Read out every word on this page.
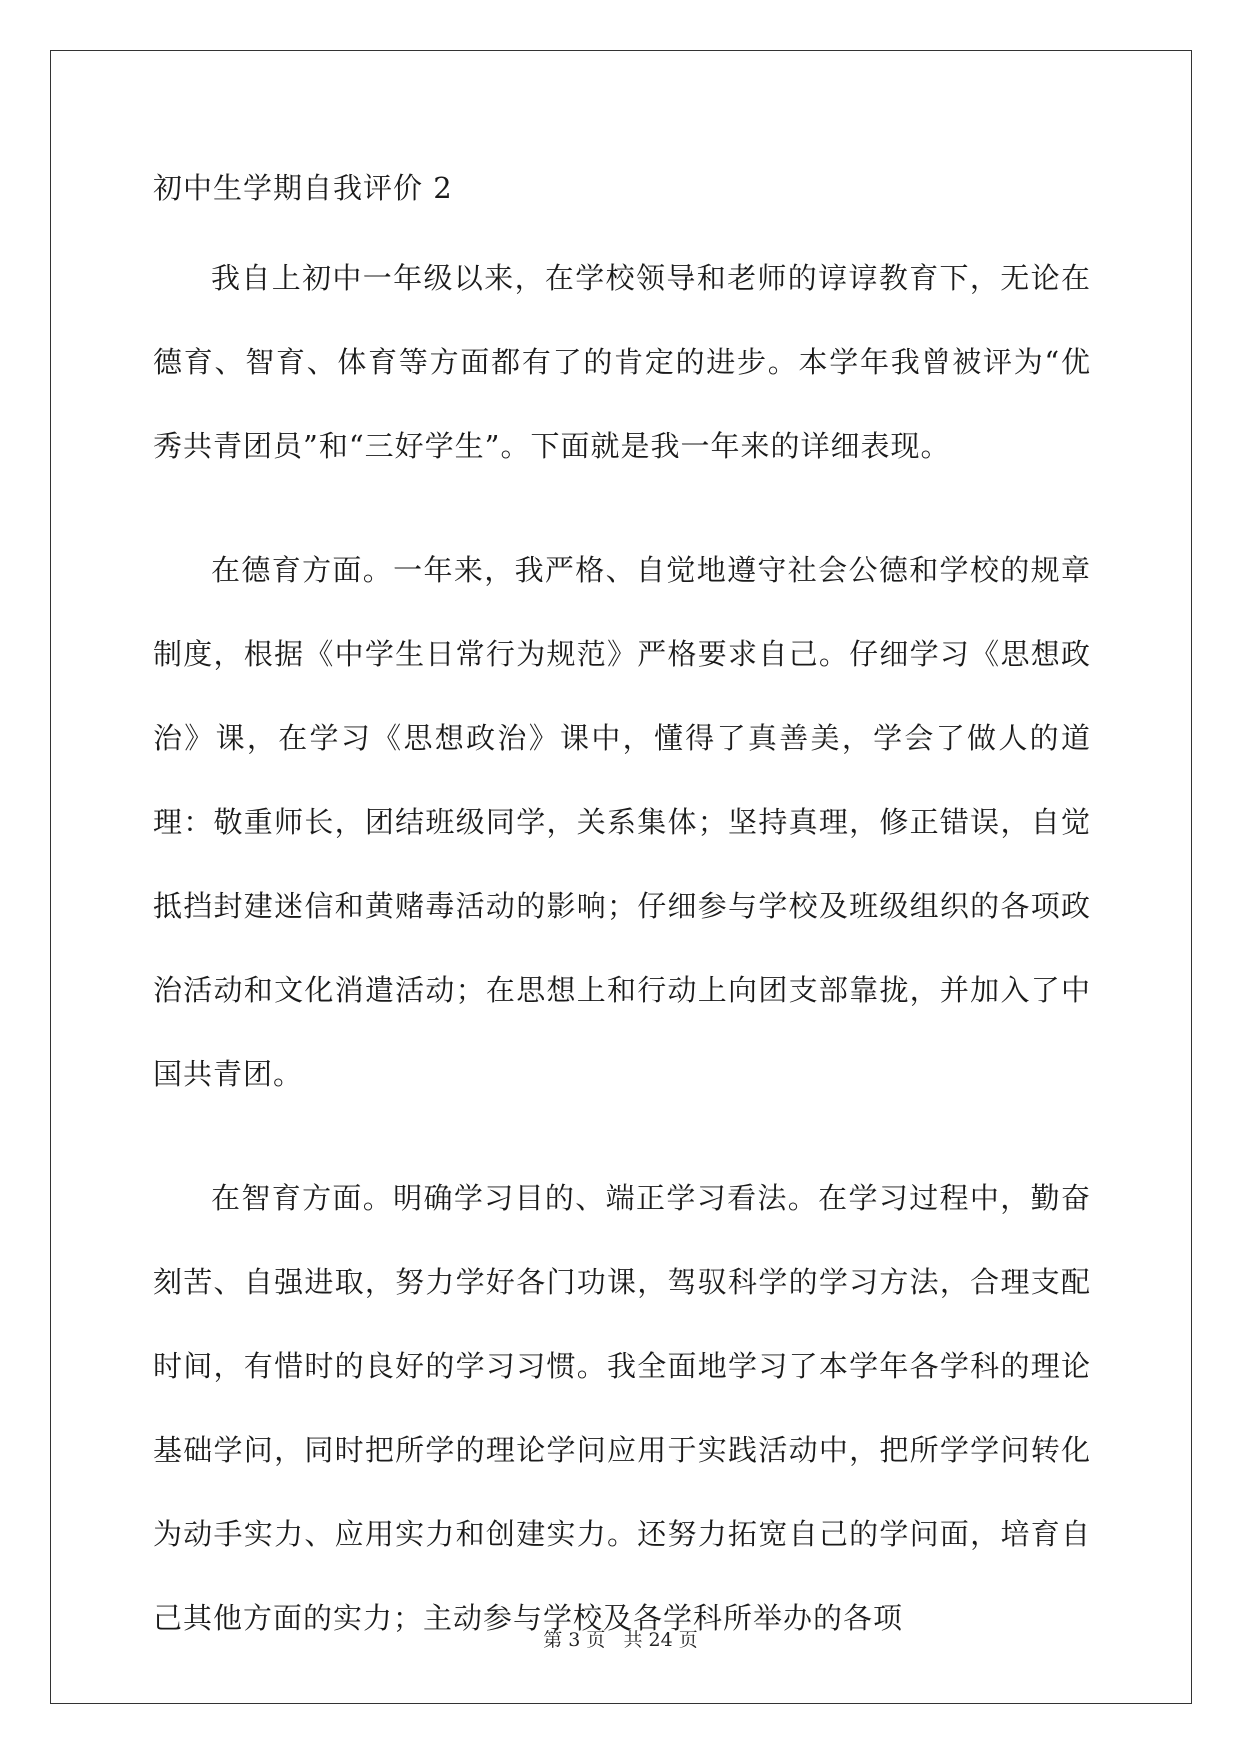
初中生学期自我评价 2

我自上初中一年级以来，在学校领导和老师的谆谆教育下，无论在德育、智育、体育等方面都有了的肯定的进步。本学年我曾被评为“优秀共青团员”和“三好学生”。下面就是我一年来的详细表现。

在德育方面。一年来，我严格、自觉地遵守社会公德和学校的规章制度，根据《中学生日常行为规范》严格要求自己。仔细学习《思想政治》课，在学习《思想政治》课中，懂得了真善美，学会了做人的道理：敬重师长，团结班级同学，关系集体；坚持真理，修正错误，自觉抵挡封建迷信和黄赌毒活动的影响；仔细参与学校及班级组织的各项政治活动和文化消遣活动；在思想上和行动上向团支部靠拢，并加入了中国共青团。

在智育方面。明确学习目的、端正学习看法。在学习过程中，勤奋刻苦、自强进取，努力学好各门功课，驾驭科学的学习方法，合理支配时间，有惜时的良好的学习习惯。我全面地学习了本学年各学科的理论基础学问，同时把所学的理论学问应用于实践活动中，把所学学问转化为动手实力、应用实力和创建实力。还努力拓宽自己的学问面，培育自己其他方面的实力；主动参与学校及各学科所举办的各项

第 3 页 共 24 页
